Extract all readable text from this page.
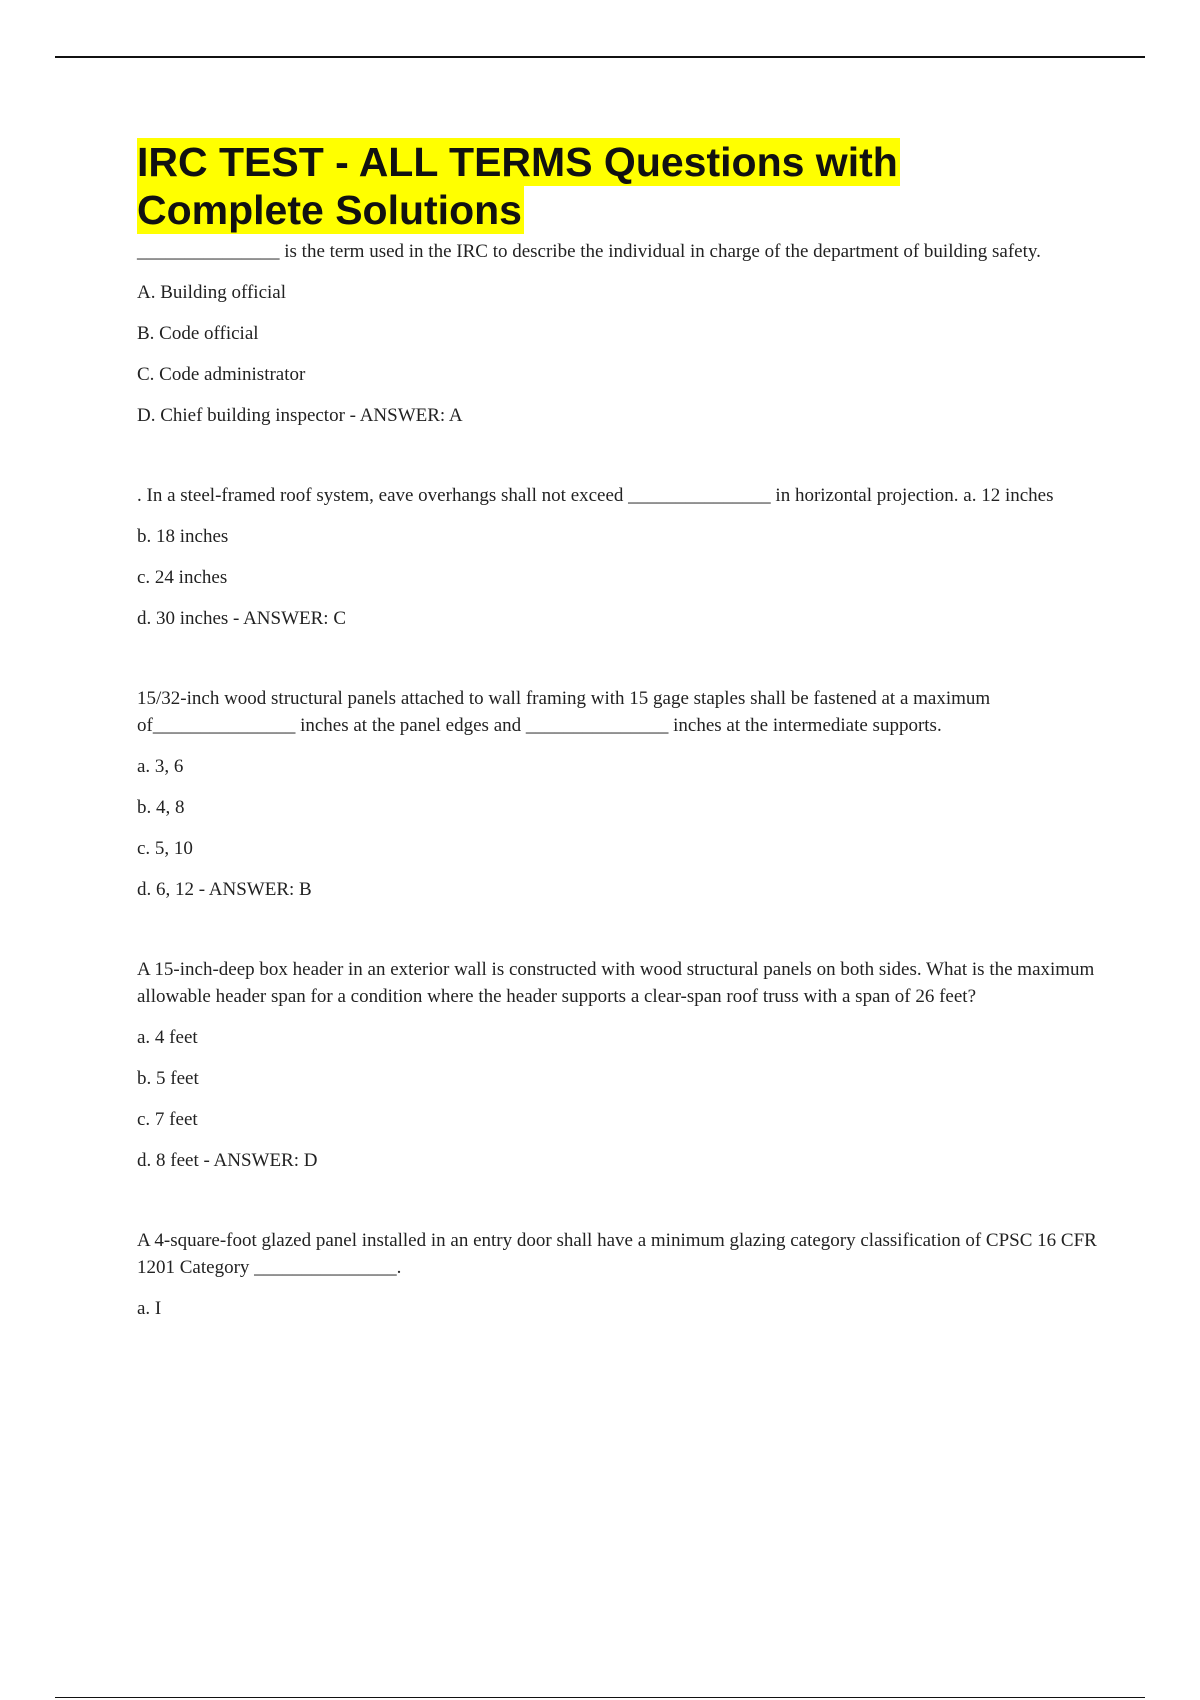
IRC TEST - ALL TERMS Questions with
Complete Solutions

_______________ is the term used in the IRC to describe the individual in charge of the department of building safety.

A. Building official

B. Code official

C. Code administrator

D. Chief building inspector - ANSWER: A

. In a steel-framed roof system, eave overhangs shall not exceed _______________ in horizontal projection. a. 12 inches

b. 18 inches

c. 24 inches

d. 30 inches - ANSWER: C

15/32-inch wood structural panels attached to wall framing with 15 gage staples shall be fastened at a maximum of_______________ inches at the panel edges and _______________ inches at the intermediate supports.

a. 3, 6

b. 4, 8

c. 5, 10

d. 6, 12 - ANSWER: B

A 15-inch-deep box header in an exterior wall is constructed with wood structural panels on both sides. What is the maximum allowable header span for a condition where the header supports a clear-span roof truss with a span of 26 feet?

a. 4 feet

b. 5 feet

c. 7 feet

d. 8 feet - ANSWER: D

A 4-square-foot glazed panel installed in an entry door shall have a minimum glazing category classification of CPSC 16 CFR 1201 Category _______________.

a. I
